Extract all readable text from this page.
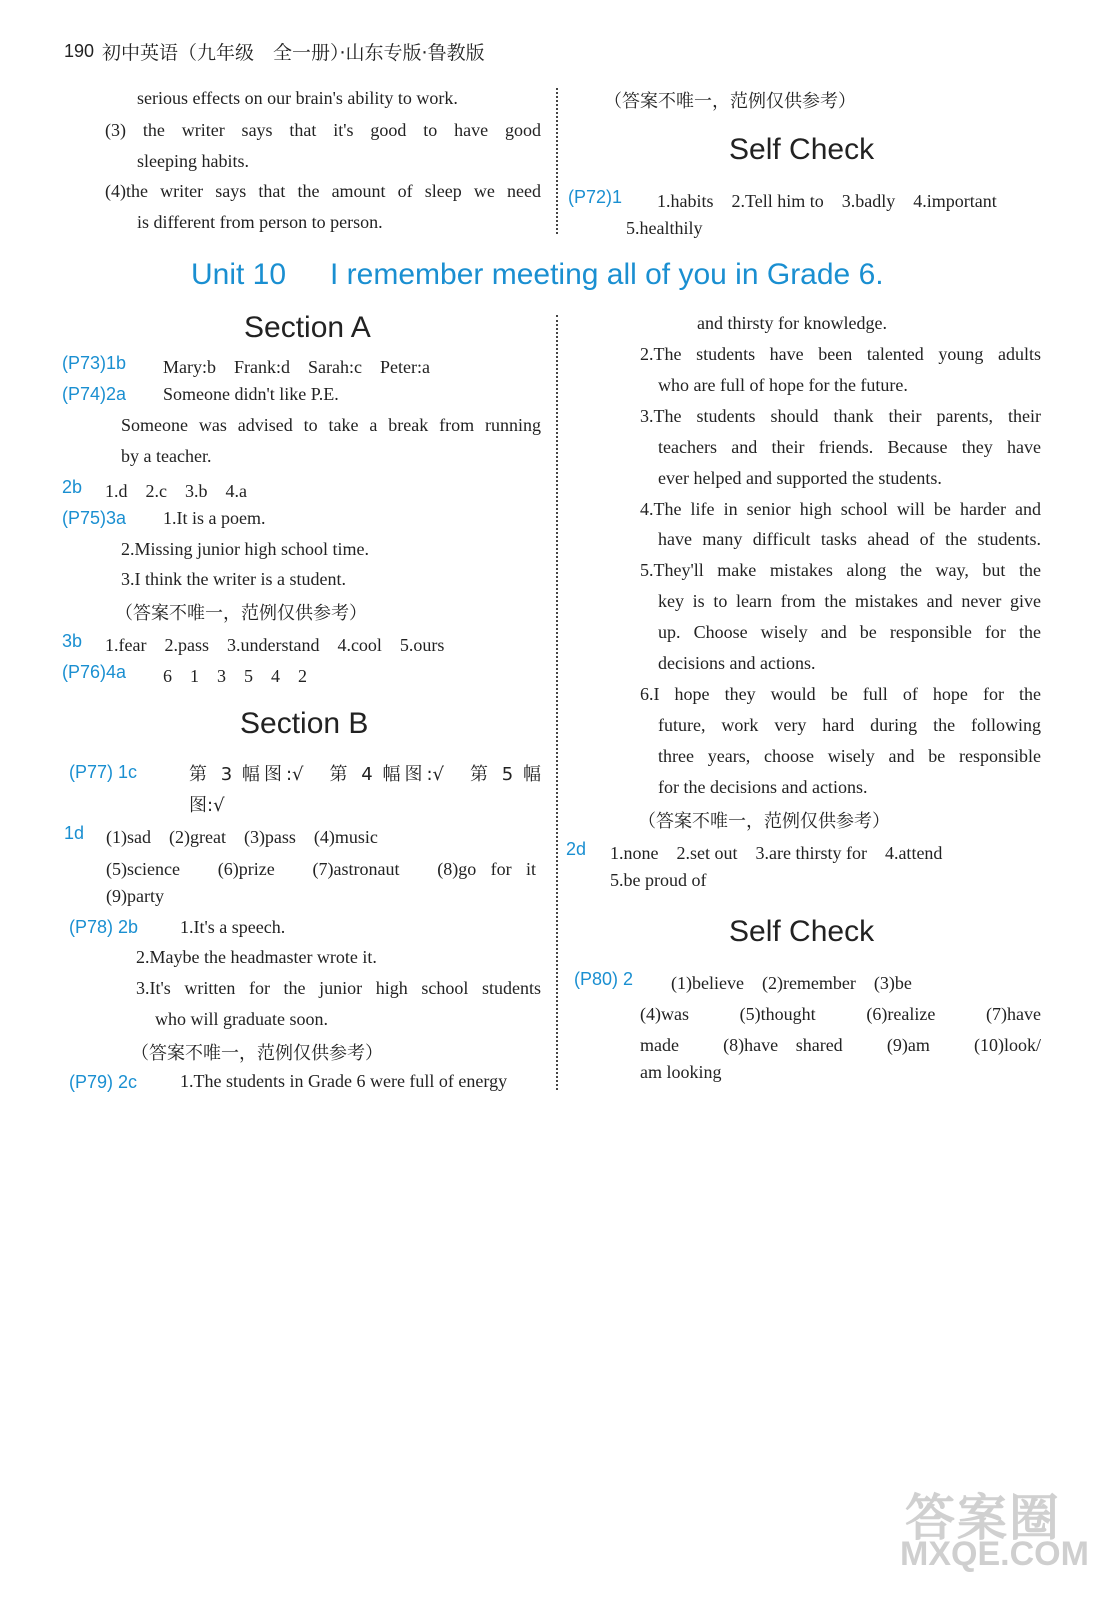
190 初中英语（九年级　全一册）·山东专版·鲁教版
serious effects on our brain's ability to work.
(3) the writer says that it's good to have good
sleeping habits.
(4)the writer says that the amount of sleep we need
is different from person to person.
（答案不唯一，范例仅供参考）
Self Check
(P72)1 1.habits　2.Tell him to　3.badly　4.important
5.healthily
Unit 10 I remember meeting all of you in Grade 6.
Section A
(P73)1b Mary:b　Frank:d　Sarah:c　Peter:a
(P74)2a Someone didn't like P.E.
Someone was advised to take a break from running
by a teacher.
2b 1.d　2.c　3.b　4.a
(P75)3a 1.It is a poem.
2.Missing junior high school time.
3.I think the writer is a student.
（答案不唯一，范例仅供参考）
3b 1.fear　2.pass　3.understand　4.cool　5.ours
(P76)4a 6　1　3　5　4　2
Section B
(P77) 1c	第 3 幅图:√　第 4 幅图:√　第 5 幅
图:√
1d (1)sad　(2)great　(3)pass　(4)music
(5)science　(6)prize　(7)astronaut　(8)go for it
(9)party
(P78) 2b 1.It's a speech.
2.Maybe the headmaster wrote it.
3.It's written for the junior high school students
who will graduate soon.
（答案不唯一，范例仅供参考）
(P79) 2c 1.The students in Grade 6 were full of energy
and thirsty for knowledge.
2.The students have been talented young adults
who are full of hope for the future.
3.The students should thank their parents, their
teachers and their friends. Because they have
ever helped and supported the students.
4.The life in senior high school will be harder and
have many difficult tasks ahead of the students.
5.They'll make mistakes along the way, but the
key is to learn from the mistakes and never give
up. Choose wisely and be responsible for the
decisions and actions.
6.I hope they would be full of hope for the
future, work very hard during the following
three years, choose wisely and be responsible
for the decisions and actions.
（答案不唯一，范例仅供参考）
2d 1.none　2.set out　3.are thirsty for　4.attend
5.be proud of
Self Check
(P80) 2 (1)believe　(2)remember　(3)be
(4)was　(5)thought　(6)realize　(7)have
made　(8)have shared　(9)am　(10)look/
am looking
答案圈
MXQE.COM
